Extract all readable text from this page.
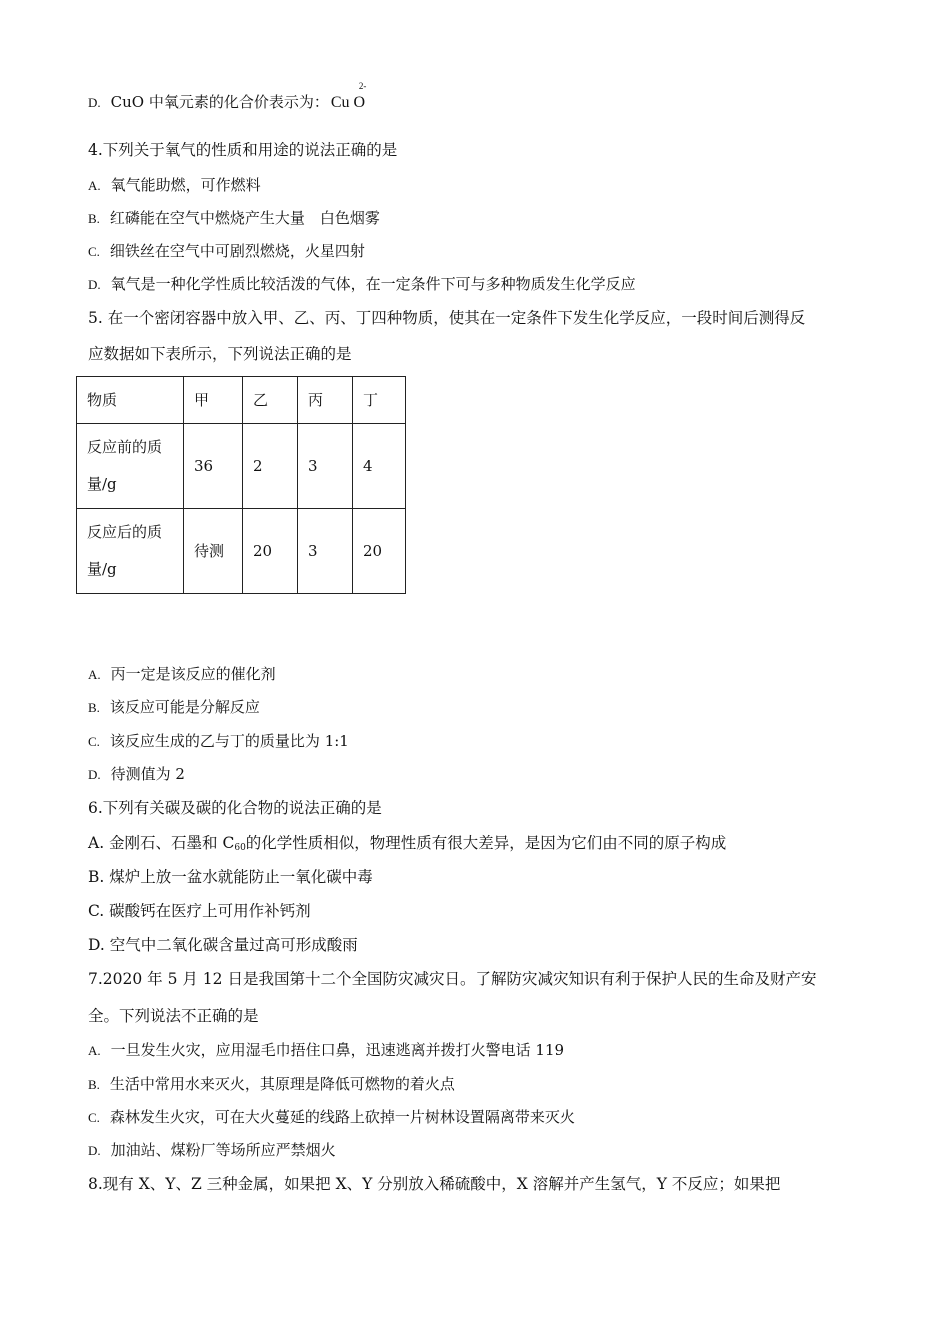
D. CuO 中氧元素的化合价表示为： Cu O
2-
4.下列关于氧气的性质和用途的说法正确的是
A. 氧气能助燃，可作燃料
B. 红磷能在空气中燃烧产生大量　白色烟雾
C. 细铁丝在空气中可剧烈燃烧，火星四射
D. 氧气是一种化学性质比较活泼的气体，在一定条件下可与多种物质发生化学反应
5. 在一个密闭容器中放入甲、乙、丙、丁四种物质，使其在一定条件下发生化学反应，一段时间后测得反
应数据如下表所示，下列说法正确的是
物质	甲	乙	丙	丁
反应前的质
量/g	36	2	3	4
反应后的质
量/g	待测	20	3	20
A. 丙一定是该反应的催化剂
B. 该反应可能是分解反应
C. 该反应生成的乙与丁的质量比为 1:1
D. 待测值为 2
6.下列有关碳及碳的化合物的说法正确的是
A. 金刚石、石墨和 $C_{60}$的化学性质相似，物理性质有很大差异，是因为它们由不同的原子构成
B. 煤炉上放一盆水就能防止一氧化碳中毒
C. 碳酸钙在医疗上可用作补钙剂
D. 空气中二氧化碳含量过高可形成酸雨
7.2020 年 5 月 12 日是我国第十二个全国防灾减灾日。了解防灾减灾知识有利于保护人民的生命及财产安
全。下列说法不正确的是
A. 一旦发生火灾，应用湿毛巾捂住口鼻，迅速逃离并拨打火警电话 119
B. 生活中常用水来灭火，其原理是降低可燃物的着火点
C. 森林发生火灾，可在大火蔓延的线路上砍掉一片树林设置隔离带来灭火
D. 加油站、煤粉厂等场所应严禁烟火
8.现有 X、Y、Z 三种金属，如果把 X、Y 分别放入稀硫酸中，X 溶解并产生氢气，Y 不反应；如果把
